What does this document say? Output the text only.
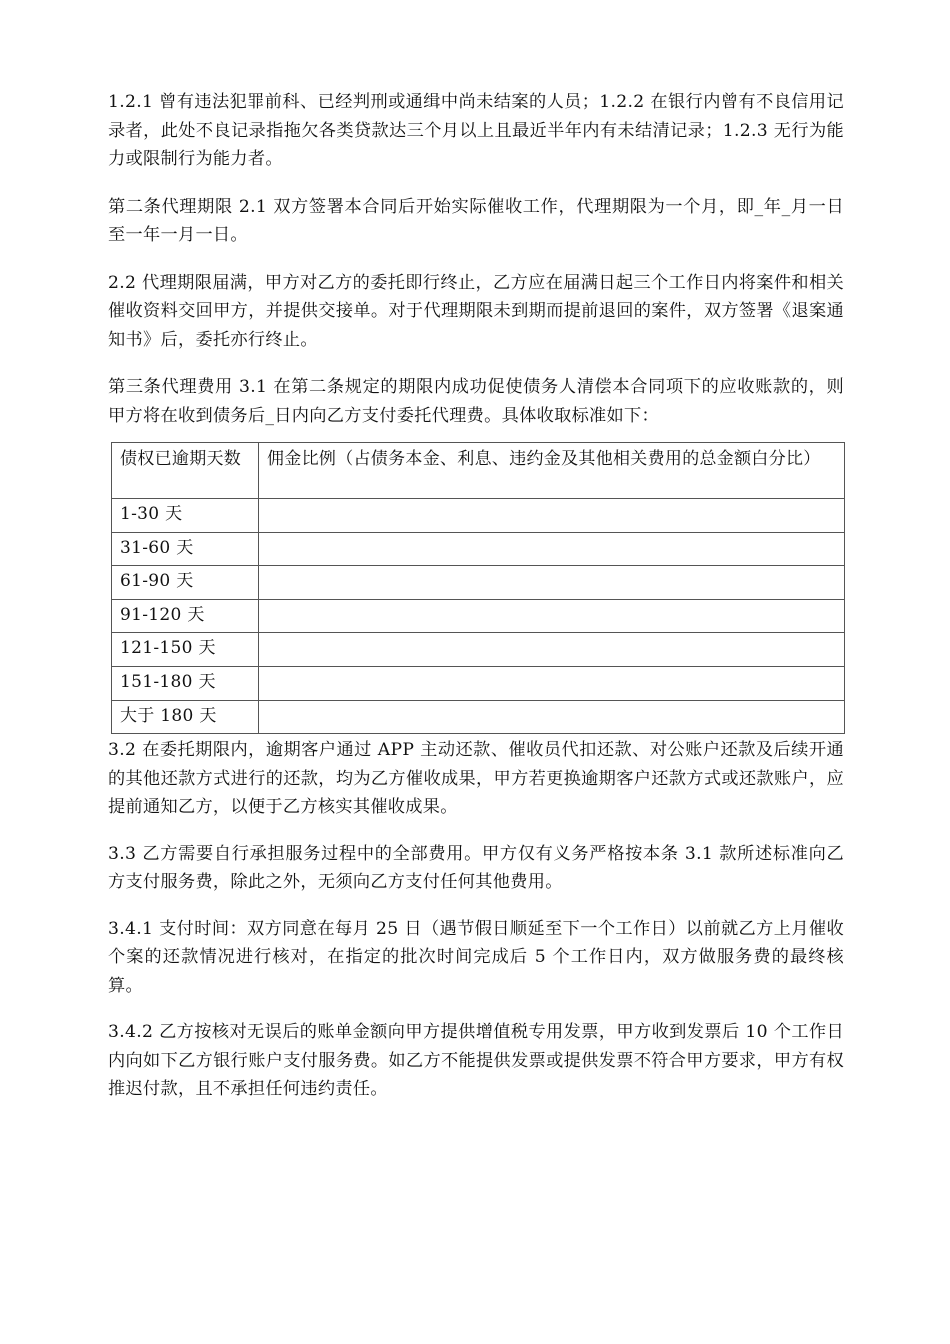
1.2.1 曾有违法犯罪前科、已经判刑或通缉中尚未结案的人员；1.2.2 在银行内曾有不良信用记录者，此处不良记录指拖欠各类贷款达三个月以上且最近半年内有未结清记录；1.2.3 无行为能力或限制行为能力者。

第二条代理期限 2.1 双方签署本合同后开始实际催收工作，代理期限为一个月，即_年_月一日至一年一月一日。

2.2 代理期限届满，甲方对乙方的委托即行终止，乙方应在届满日起三个工作日内将案件和相关催收资料交回甲方，并提供交接单。对于代理期限未到期而提前退回的案件，双方签署《退案通知书》后，委托亦行终止。

第三条代理费用 3.1 在第二条规定的期限内成功促使债务人清偿本合同项下的应收账款的，则甲方将在收到债务后_日内向乙方支付委托代理费。具体收取标准如下：

债权已逾期天数	佣金比例（占债务本金、利息、违约金及其他相关费用的总金额白分比）
1-30 天	
31-60 天	
61-90 天	
91-120 天	
121-150 天	
151-180 天	
大于 180 天	

3.2 在委托期限内，逾期客户通过 APP 主动还款、催收员代扣还款、对公账户还款及后续开通的其他还款方式进行的还款，均为乙方催收成果，甲方若更换逾期客户还款方式或还款账户，应提前通知乙方，以便于乙方核实其催收成果。

3.3 乙方需要自行承担服务过程中的全部费用。甲方仅有义务严格按本条 3.1 款所述标准向乙方支付服务费，除此之外，无须向乙方支付任何其他费用。

3.4.1 支付时间：双方同意在每月 25 日（遇节假日顺延至下一个工作日）以前就乙方上月催收个案的还款情况进行核对，在指定的批次时间完成后 5 个工作日内，双方做服务费的最终核算。

3.4.2 乙方按核对无误后的账单金额向甲方提供增值税专用发票，甲方收到发票后 10 个工作日内向如下乙方银行账户支付服务费。如乙方不能提供发票或提供发票不符合甲方要求，甲方有权推迟付款，且不承担任何违约责任。
